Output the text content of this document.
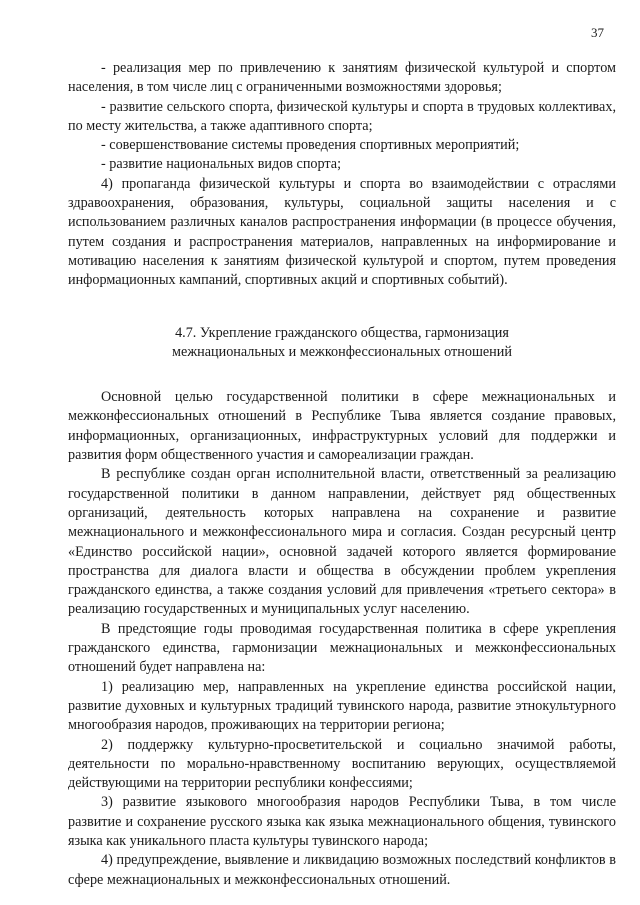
37

- реализация мер по привлечению к занятиям физической культурой и спортом населения, в том числе лиц с ограниченными возможностями здоровья;

- развитие сельского спорта, физической культуры и спорта в трудовых коллективах, по месту жительства, а также адаптивного спорта;

- совершенствование системы проведения спортивных мероприятий;

- развитие национальных видов спорта;

4) пропаганда физической культуры и спорта во взаимодействии с отраслями здравоохранения, образования, культуры, социальной защиты населения и с использованием различных каналов распространения информации (в процессе обучения, путем создания и распространения материалов, направленных на информирование и мотивацию населения к занятиям физической культурой и спортом, путем проведения информационных кампаний, спортивных акций и спортивных событий).

4.7. Укрепление гражданского общества, гармонизация
межнациональных и межконфессиональных отношений

Основной целью государственной политики в сфере межнациональных и межконфессиональных отношений в Республике Тыва является создание правовых, информационных, организационных, инфраструктурных условий для поддержки и развития форм общественного участия и самореализации граждан.

В республике создан орган исполнительной власти, ответственный за реализацию государственной политики в данном направлении, действует ряд общественных организаций, деятельность которых направлена на сохранение и развитие межнационального и межконфессионального мира и согласия. Создан ресурсный центр «Единство российской нации», основной задачей которого является формирование пространства для диалога власти и общества в обсуждении проблем укрепления гражданского единства, а также создания условий для привлечения «третьего сектора» в реализацию государственных и муниципальных услуг населению.

В предстоящие годы проводимая государственная политика в сфере укрепления гражданского единства, гармонизации межнациональных и межконфессиональных отношений будет направлена на:

1) реализацию мер, направленных на укрепление единства российской нации, развитие духовных и культурных традиций тувинского народа, развитие этнокультурного многообразия народов, проживающих на территории региона;

2) поддержку культурно-просветительской и социально значимой работы, деятельности по морально-нравственному воспитанию верующих, осуществляемой действующими на территории республики конфессиями;

3) развитие языкового многообразия народов Республики Тыва, в том числе развитие и сохранение русского языка как языка межнационального общения, тувинского языка как уникального пласта культуры тувинского народа;

4) предупреждение, выявление и ликвидацию возможных последствий конфликтов в сфере межнациональных и межконфессиональных отношений.
